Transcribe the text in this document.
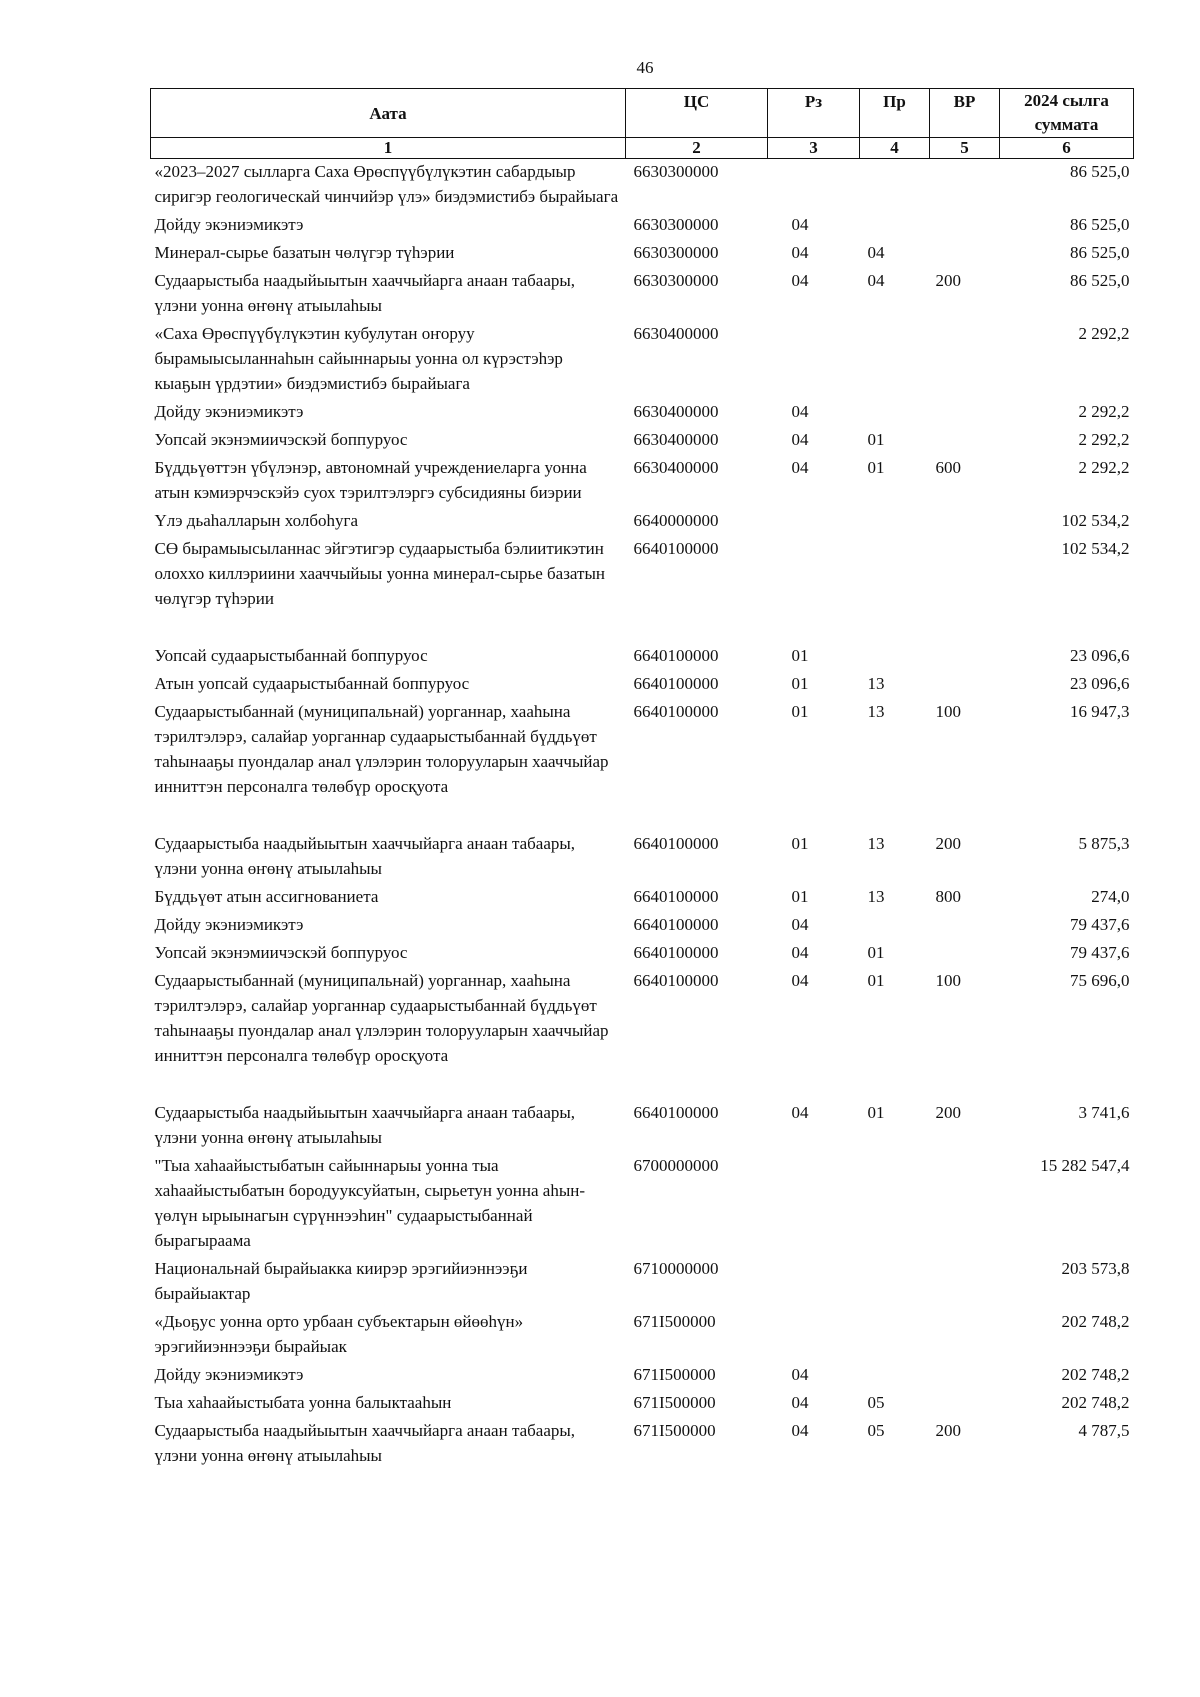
46
Аата	ЦС	Рз	Пр	ВР	2024 сылга суммата
1	2	3	4	5	6
«2023–2027 сылларга Саха Өрөспүүбүлүкэтин сабардыыр сиригэр геологическай чинчийэр үлэ» биэдэмистибэ бырайыага	6630300000				86 525,0
Дойду экэниэмикэтэ	6630300000	04			86 525,0
Минерал-сырье базатын чөлүгэр түһэрии	6630300000	04	04		86 525,0
Судаарыстыба наадыйыытын хааччыйарга анаан табаары, үлэни уонна өҥөнү атыылаһыы	6630300000	04	04	200	86 525,0
«Саха Өрөспүүбүлүкэтин кубулутан оҥоруу бырамыысыланнаһын сайыннарыы уонна ол күрэстэһэр кыаҕын үрдэтии» биэдэмистибэ бырайыага	6630400000				2 292,2
Дойду экэниэмикэтэ	6630400000	04			2 292,2
Уопсай экэнэмиичэскэй боппуруос	6630400000	04	01		2 292,2
Бүддьүөттэн үбүлэнэр, автономнай учреждениеларга уонна атын кэмиэрчэскэйэ суох тэрилтэлэргэ субсидияны биэрии	6630400000	04	01	600	2 292,2
Үлэ дьаһалларын холбоһуга	6640000000				102 534,2
СӨ бырамыысыланнас эйгэтигэр судаарыстыба бэлиитикэтин олоххо киллэриини хааччыйыы уонна минерал-сырье базатын чөлүгэр түһэрии	6640100000				102 534,2
Уопсай судаарыстыбаннай боппуруос	6640100000	01			23 096,6
Атын уопсай судаарыстыбаннай боппуруос	6640100000	01	13		23 096,6
Судаарыстыбаннай (муниципальнай) уорганнар, хааһына тэрилтэлэрэ, салайар уорганнар судаарыстыбаннай бүддьүөт таһынааҕы пуондалар анал үлэлэрин толорууларын хааччыйар инниттэн персоналга төлөбүр оросқуота	6640100000	01	13	100	16 947,3
Судаарыстыба наадыйыытын хааччыйарга анаан табаары, үлэни уонна өҥөнү атыылаһыы	6640100000	01	13	200	5 875,3
Бүддьүөт атын ассигнованиета	6640100000	01	13	800	274,0
Дойду экэниэмикэтэ	6640100000	04			79 437,6
Уопсай экэнэмиичэскэй боппуруос	6640100000	04	01		79 437,6
Судаарыстыбаннай (муниципальнай) уорганнар, хааһына тэрилтэлэрэ, салайар уорганнар судаарыстыбаннай бүддьүөт таһынааҕы пуондалар анал үлэлэрин толорууларын хааччыйар инниттэн персоналга төлөбүр оросқуота	6640100000	04	01	100	75 696,0
Судаарыстыба наадыйыытын хааччыйарга анаан табаары, үлэни уонна өҥөнү атыылаһыы	6640100000	04	01	200	3 741,6
"Тыа хаһаайыстыбатын сайыннарыы уонна тыа хаһаайыстыбатын бородууксуйатын, сырьетун уонна аһын-үөлүн ырыынагын сүрүннээһин" судаарыстыбаннай бырагыраама	6700000000				15 282 547,4
Национальнай бырайыакка киирэр эрэгийиэннээҕи бырайыактар	6710000000				203 573,8
«Дьоҕус уонна орто урбаан субъектарын өйөөһүн» эрэгийиэннээҕи бырайыак	671I500000				202 748,2
Дойду экэниэмикэтэ	671I500000	04			202 748,2
Тыа хаһаайыстыбата уонна балыктааһын	671I500000	04	05		202 748,2
Судаарыстыба наадыйыытын хааччыйарга анаан табаары, үлэни уонна өҥөнү атыылаһыы	671I500000	04	05	200	4 787,5
